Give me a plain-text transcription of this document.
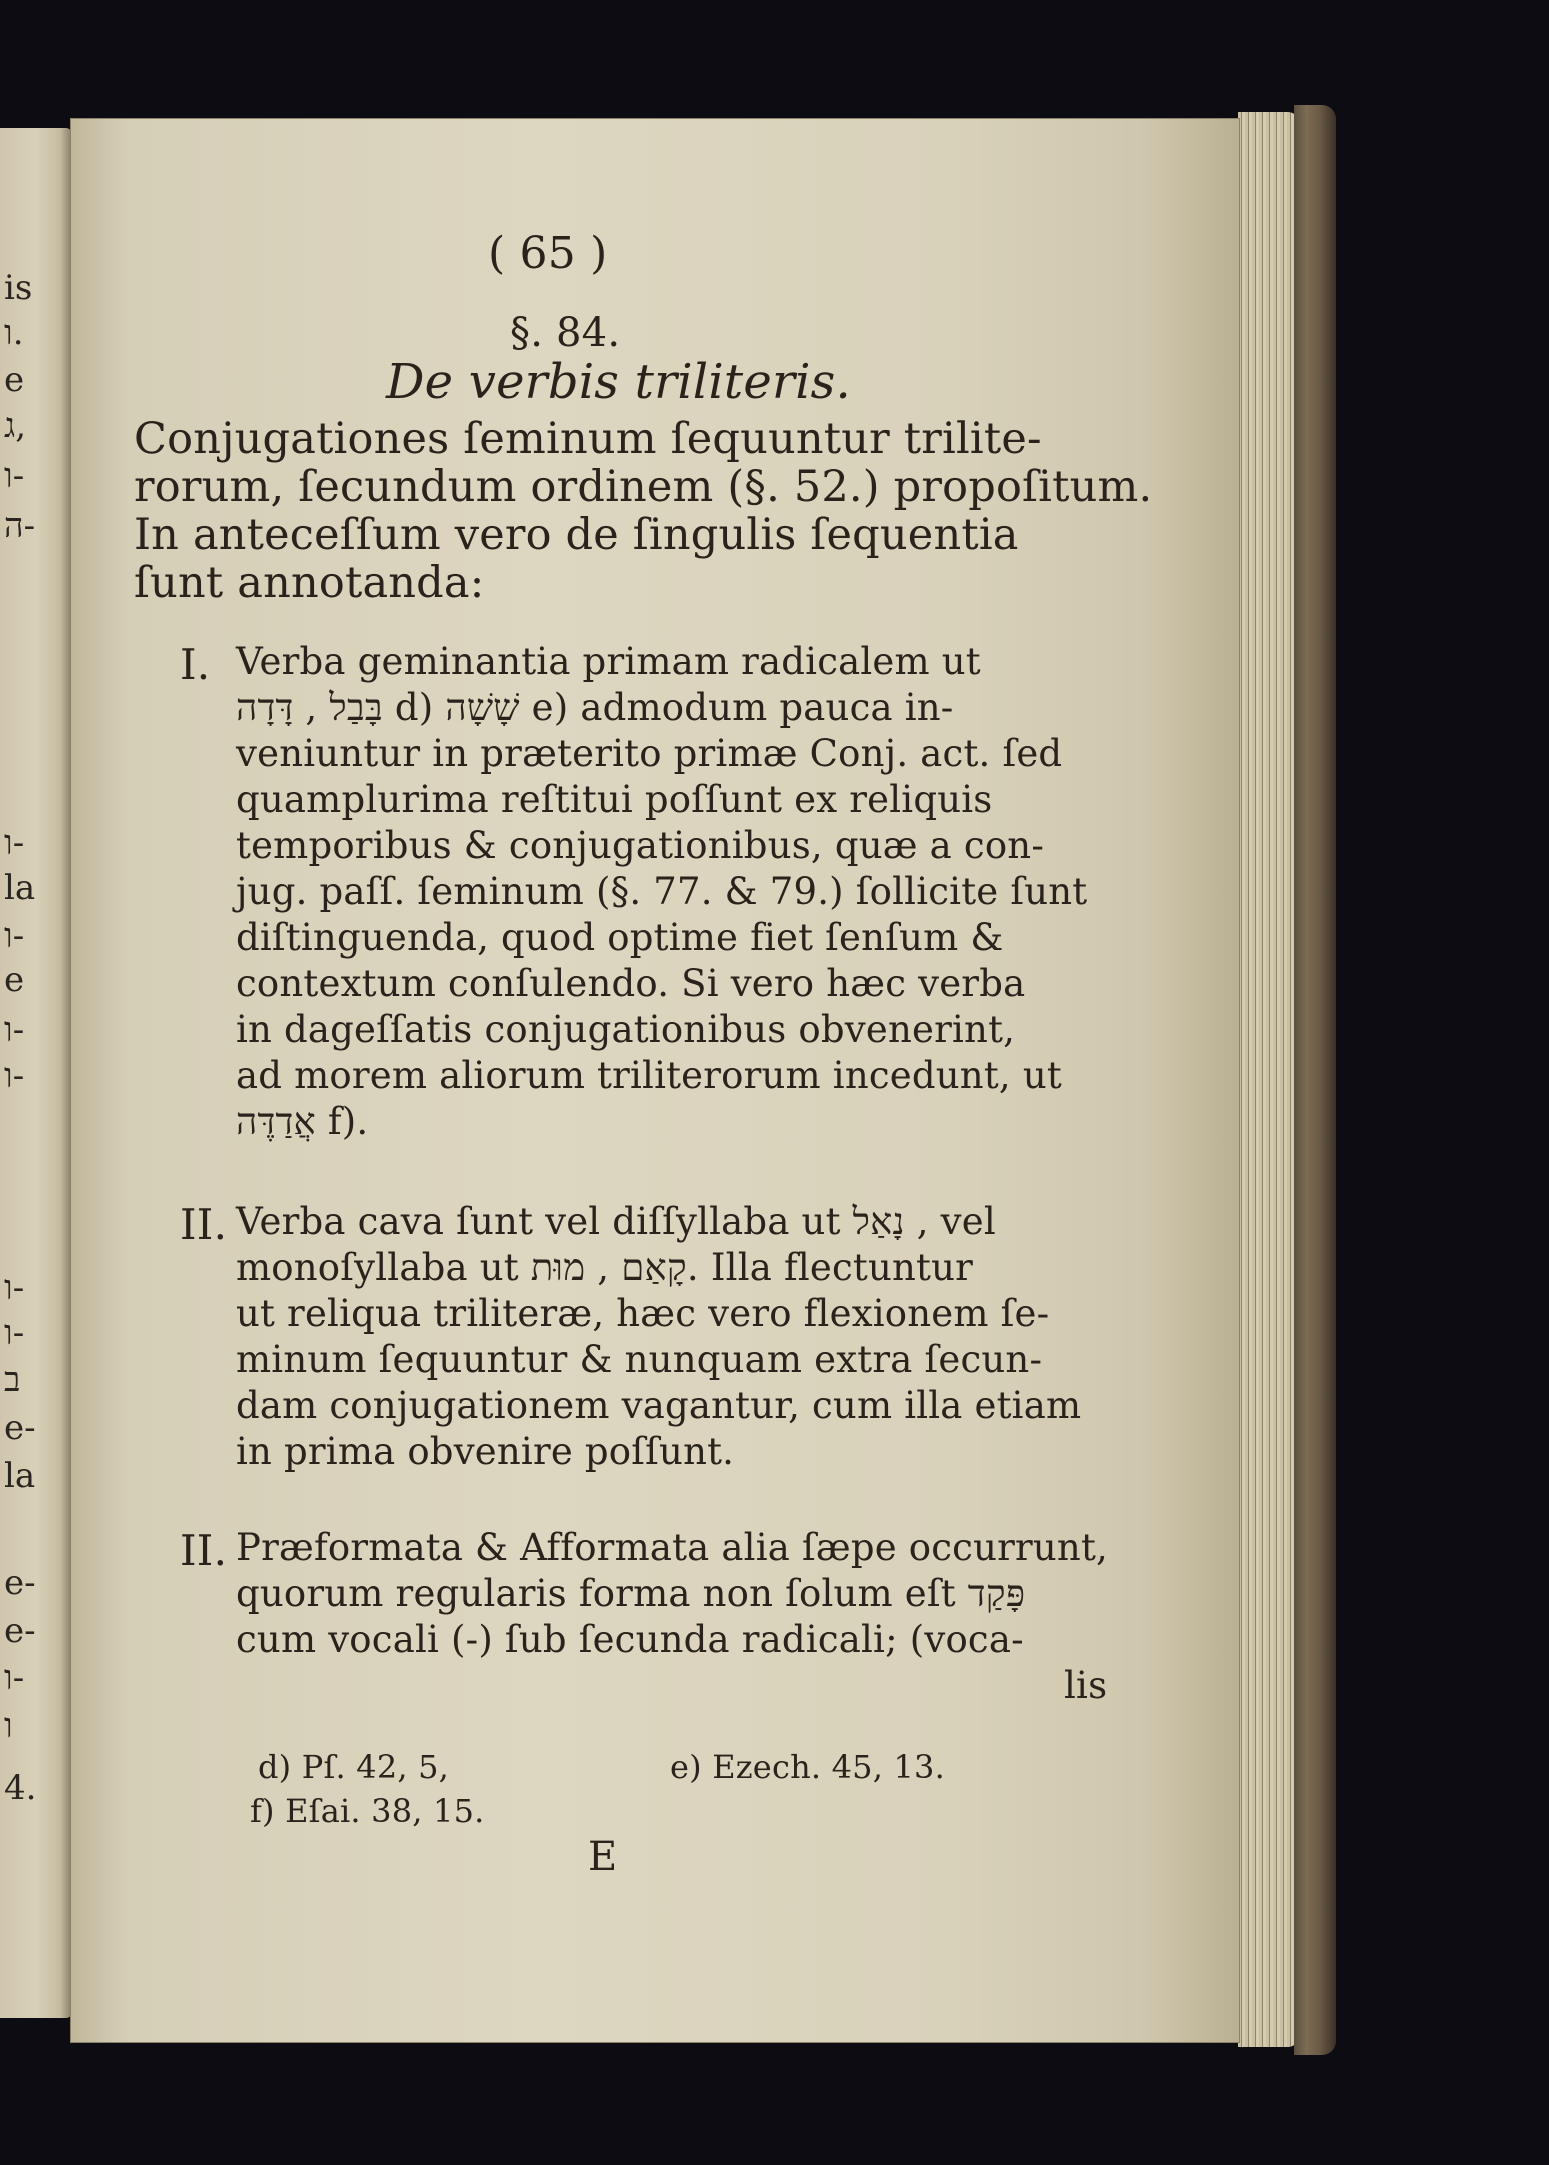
is
ו.
e
ג,
ו-
ה-
ו-
la
ו-
e
ו-
ו-
ו-
ו-
ב
e-
la
e-
e-
ו-
ו
4.
( 65 )
§. 84.
De verbis triliteris.
Conjugationes ſeminum ſequuntur trilite-
rorum, ſecundum ordinem (§. 52.) propoſitum.
In anteceſſum vero de ſingulis ſequentia
ſunt annotanda:
I. Verba geminantia primam radicalem ut
בָּבַל , דָּדָה d) שָׁשָׁה e) admodum pauca in-
veniuntur in præterito primæ Conj. act. ſed
quamplurima reſtitui poſſunt ex reliquis
temporibus & conjugationibus, quæ a con-
jug. paſſ. ſeminum (§. 77. & 79.) ſollicite ſunt
diſtinguenda, quod optime fiet ſenſum &
contextum conſulendo. Si vero hæc verba
in dageſſatis conjugationibus obvenerint,
ad morem aliorum triliterorum incedunt, ut
אֲדַדֶּה f).
II. Verba cava ſunt vel diſſyllaba ut נָאַל , vel
monoſyllaba ut קָאַם , מוּת. Illa flectuntur
ut reliqua triliteræ, hæc vero flexionem ſe-
minum ſequuntur & nunquam extra ſecun-
dam conjugationem vagantur, cum illa etiam
in prima obvenire poſſunt.
II. Præformata & Afformata alia ſæpe occurrunt,
quorum regularis forma non ſolum eſt פָּקַד
cum vocali (-) ſub ſecunda radicali; (voca-
lis
d) Pſ. 42, 5,	e) Ezech. 45, 13.
f) Eſai. 38, 15.
E
